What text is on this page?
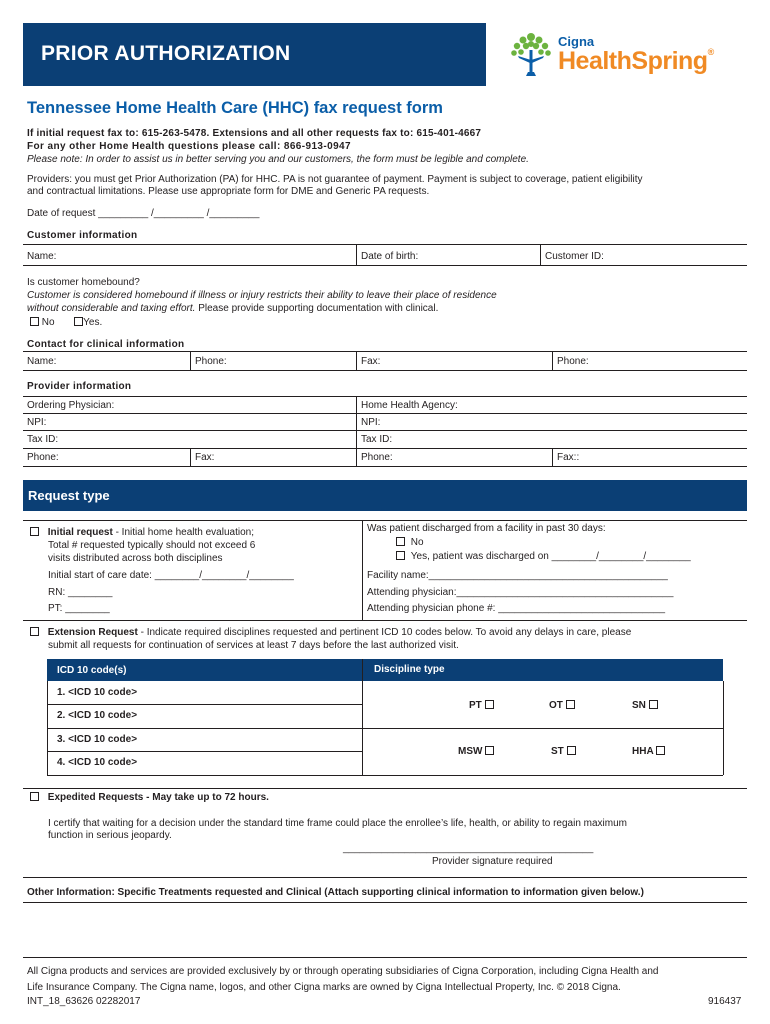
PRIOR AUTHORIZATION
Cigna
HealthSpring®
Tennessee Home Health Care (HHC) fax request form
If initial request fax to: 615-263-5478. Extensions and all other requests fax to: 615-401-4667
For any other Home Health questions please call: 866-913-0947
Please note: In order to assist us in better serving you and our customers, the form must be legible and complete.
Providers: you must get Prior Authorization (PA) for HHC. PA is not guarantee of payment. Payment is subject to coverage, patient eligibility
and contractual limitations. Please use appropriate form for DME and Generic PA requests.
Date of request _________ /_________ /_________
Customer information
Name:	Date of birth:	Customer ID:
Is customer homebound?
Customer is considered homebound if illness or injury restricts their ability to leave their place of residence
without considerable and taxing effort. Please provide supporting documentation with clinical.
No	Yes.
Contact for clinical information
Name:	Phone:	Fax:	Phone:
Provider information
Ordering Physician:	Home Health Agency:
NPI:	NPI:
Tax ID:	Tax ID:
Phone:	Fax:	Phone:	Fax::
Request type
Initial request - Initial home health evaluation;
Total # requested typically should not exceed 6
visits distributed across both disciplines
Initial start of care date: ________/________/________
RN: ________
PT: ________
Was patient discharged from a facility in past 30 days:
No
Yes, patient was discharged on ________/________/________
Facility name:___________________________________________
Attending physician:_______________________________________
Attending physician phone #: ______________________________
Extension Request - Indicate required disciplines requested and pertinent ICD 10 codes below. To avoid any delays in care, please
submit all requests for continuation of services at least 7 days before the last authorized visit.
ICD 10 code(s)	Discipline type
1. <ICD 10 code>
2. <ICD 10 code>
3. <ICD 10 code>
4. <ICD 10 code>
PT	OT	SN
MSW	ST	HHA
Expedited Requests - May take up to 72 hours.
I certify that waiting for a decision under the standard time frame could place the enrollee’s life, health, or ability to regain maximum
function in serious jeopardy.
_____________________________________________
Provider signature required
Other Information: Specific Treatments requested and Clinical (Attach supporting clinical information to information given below.)
All Cigna products and services are provided exclusively by or through operating subsidiaries of Cigna Corporation, including Cigna Health and
Life Insurance Company. The Cigna name, logos, and other Cigna marks are owned by Cigna Intellectual Property, Inc. © 2018 Cigna.
INT_18_63626 02282017	916437
